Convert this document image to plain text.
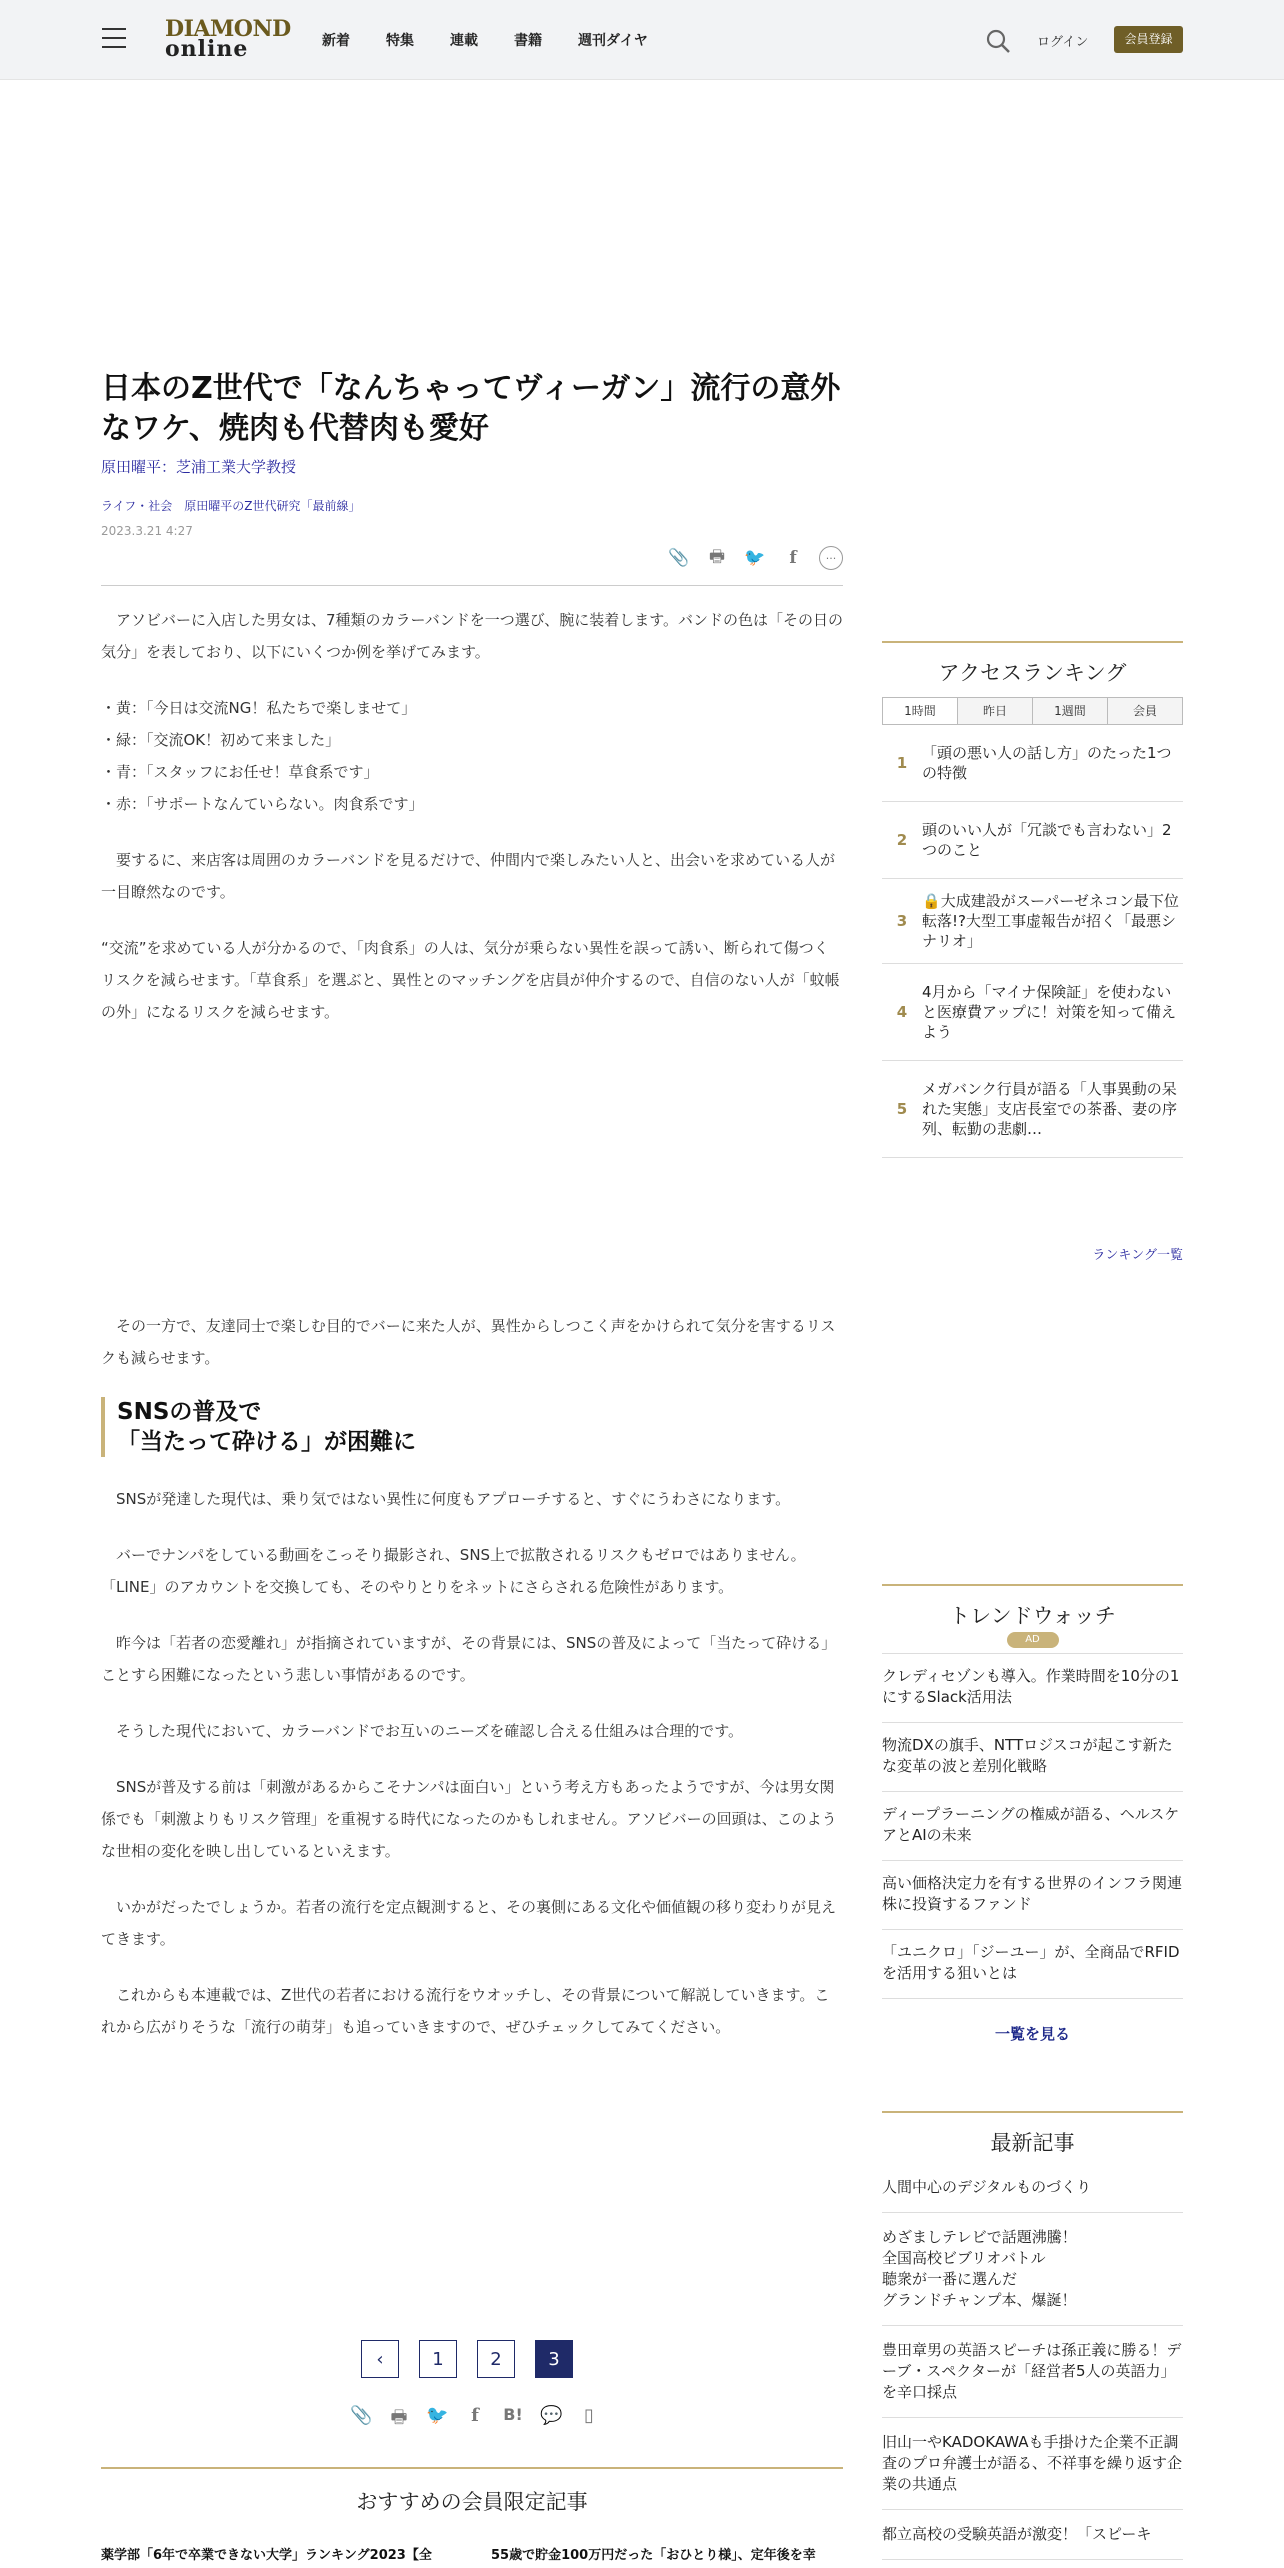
DIAMOND
online	新着	特集	連載	書籍	週刊ダイヤ	ログイン	会員登録
日本のZ世代で「なんちゃってヴィーガン」流行の意外なワケ、焼肉も代替肉も愛好
原田曜平：芝浦工業大学教授
ライフ・社会　原田曜平のZ世代研究「最前線」
2023.3.21 4:27
📎 🖶 🐦	f	···

アソビバーに入店した男女は、7種類のカラーバンドを一つ選び、腕に装着します。バンドの色は「その日の気分」を表しており、以下にいくつか例を挙げてみます。

・黄：「今日は交流NG！私たちで楽しませて」

・緑：「交流OK！初めて来ました」

・青：「スタッフにお任せ！草食系です」

・赤：「サポートなんていらない。肉食系です」

要するに、来店客は周囲のカラーバンドを見るだけで、仲間内で楽しみたい人と、出会いを求めている人が一目瞭然なのです。

“交流”を求めている人が分かるので、「肉食系」の人は、気分が乗らない異性を誤って誘い、断られて傷つくリスクを減らせます。「草食系」を選ぶと、異性とのマッチングを店員が仲介するので、自信のない人が「蚊帳の外」になるリスクを減らせます。

その一方で、友達同士で楽しむ目的でバーに来た人が、異性からしつこく声をかけられて気分を害するリスクも減らせます。

SNSの普及で
「当たって砕ける」が困難に

SNSが発達した現代は、乗り気ではない異性に何度もアプローチすると、すぐにうわさになります。

バーでナンパをしている動画をこっそり撮影され、SNS上で拡散されるリスクもゼロではありません。「LINE」のアカウントを交換しても、そのやりとりをネットにさらされる危険性があります。

昨今は「若者の恋愛離れ」が指摘されていますが、その背景には、SNSの普及によって「当たって砕ける」ことすら困難になったという悲しい事情があるのです。

そうした現代において、カラーバンドでお互いのニーズを確認し合える仕組みは合理的です。

SNSが普及する前は「刺激があるからこそナンパは面白い」という考え方もあったようですが、今は男女関係でも「刺激よりもリスク管理」を重視する時代になったのかもしれません。アソビバーの回頭は、このような世相の変化を映し出しているといえます。

いかがだったでしょうか。若者の流行を定点観測すると、その裏側にある文化や価値観の移り変わりが見えてきます。

これからも本連載では、Z世代の若者における流行をウオッチし、その背景について解説していきます。これから広がりそうな「流行の萌芽」も追っていきますので、ぜひチェックしてみてください。

‹	1	2	3
📎 🖶 🐦	f	B! 💬	▯
おすすめの会員限定記事
薬学部「6年で卒業できない大学」ランキング2023【全	55歳で貯金100万円だった「おひとり様」、定年後を幸
アクセスランキング
1時間	昨日	1週間	会員
1
「頭の悪い人の話し方」のたった1つの特徴
2
頭のいい人が「冗談でも言わない」2つのこと
3
🔒大成建設がスーパーゼネコン最下位転落!?大型工事虚報告が招く「最悪シナリオ」
4
4月から「マイナ保険証」を使わないと医療費アップに！対策を知って備えよう
5
メガバンク行員が語る「人事異動の呆れた実態」支店長室での茶番、妻の序列、転勤の悲劇…
ランキング一覧
トレンドウォッチ
AD
クレディセゾンも導入。作業時間を10分の1にするSlack活用法
物流DXの旗手、NTTロジスコが起こす新たな変革の波と差別化戦略
ディープラーニングの権威が語る、ヘルスケアとAIの未来
高い価格決定力を有する世界のインフラ関連株に投資するファンド
「ユニクロ」「ジーユー」が、全商品でRFIDを活用する狙いとは
一覧を見る
最新記事
人間中心のデジタルものづくり
めざましテレビで話題沸騰！
全国高校ビブリオバトル
聴衆が一番に選んだ
グランドチャンプ本、爆誕！
豊田章男の英語スピーチは孫正義に勝る！デーブ・スペクターが「経営者5人の英語力」を辛口採点
旧山一やKADOKAWAも手掛けた企業不正調査のプロ弁護士が語る、不祥事を繰り返す企業の共通点
都立高校の受験英語が激変！「スピーキ
